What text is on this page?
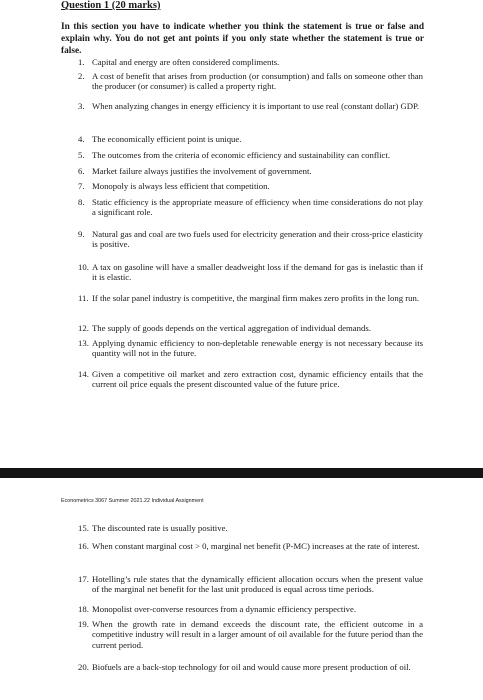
Question 1 (20 marks)
In this section you have to indicate whether you think the statement is true or false and explain why. You do not get ant points if you only state whether the statement is true or false.
1. Capital and energy are often considered compliments.
2. A cost of benefit that arises from production (or consumption) and falls on someone other than the producer (or consumer) is called a property right.
3. When analyzing changes in energy efficiency it is important to use real (constant dollar) GDP.
4. The economically efficient point is unique.
5. The outcomes from the criteria of economic efficiency and sustainability can conflict.
6. Market failure always justifies the involvement of government.
7. Monopoly is always less efficient that competition.
8. Static efficiency is the appropriate measure of efficiency when time considerations do not play a significant role.
9. Natural gas and coal are two fuels used for electricity generation and their cross-price elasticity is positive.
10. A tax on gasoline will have a smaller deadweight loss if the demand for gas is inelastic than if it is elastic.
11. If the solar panel industry is competitive, the marginal firm makes zero profits in the long run.
12. The supply of goods depends on the vertical aggregation of individual demands.
13. Applying dynamic efficiency to non-depletable renewable energy is not necessary because its quantity will not in the future.
14. Given a competitive oil market and zero extraction cost, dynamic efficiency entails that the current oil price equals the present discounted value of the future price.
Econometrics 3067 Summer 2021.22 Individual Assignment
15. The discounted rate is usually positive.
16. When constant marginal cost > 0, marginal net benefit (P-MC) increases at the rate of interest.
17. Hotelling’s rule states that the dynamically efficient allocation occurs when the present value of the marginal net benefit for the last unit produced is equal across time periods.
18. Monopolist over-converse resources from a dynamic efficiency perspective.
19. When the growth rate in demand exceeds the discount rate, the efficient outcome in a competitive industry will result in a larger amount of oil available for the future period than the current period.
20. Biofuels are a back-stop technology for oil and would cause more present production of oil.
